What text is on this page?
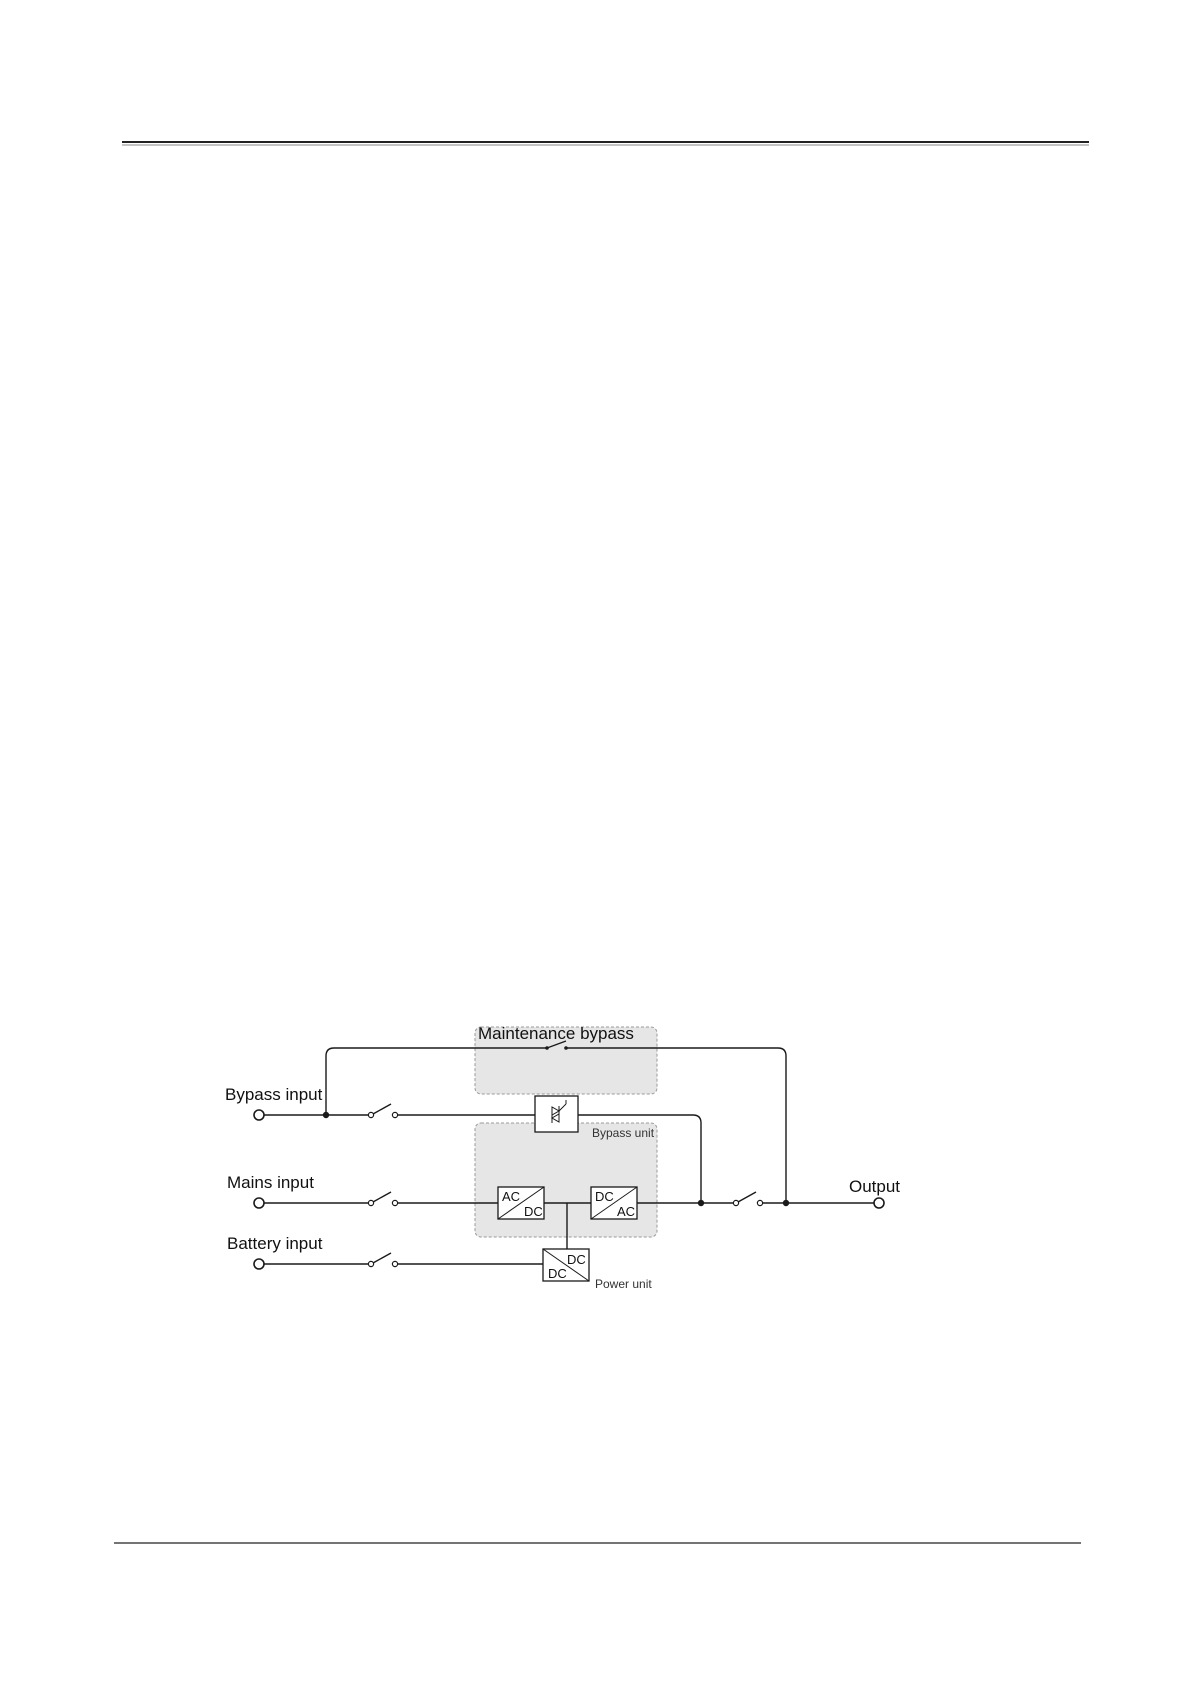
Bypass unit
AC
DC
DC
AC
DC
DC
Power unit
Maintenance bypass
Bypass input
Mains input
Battery input
Output
